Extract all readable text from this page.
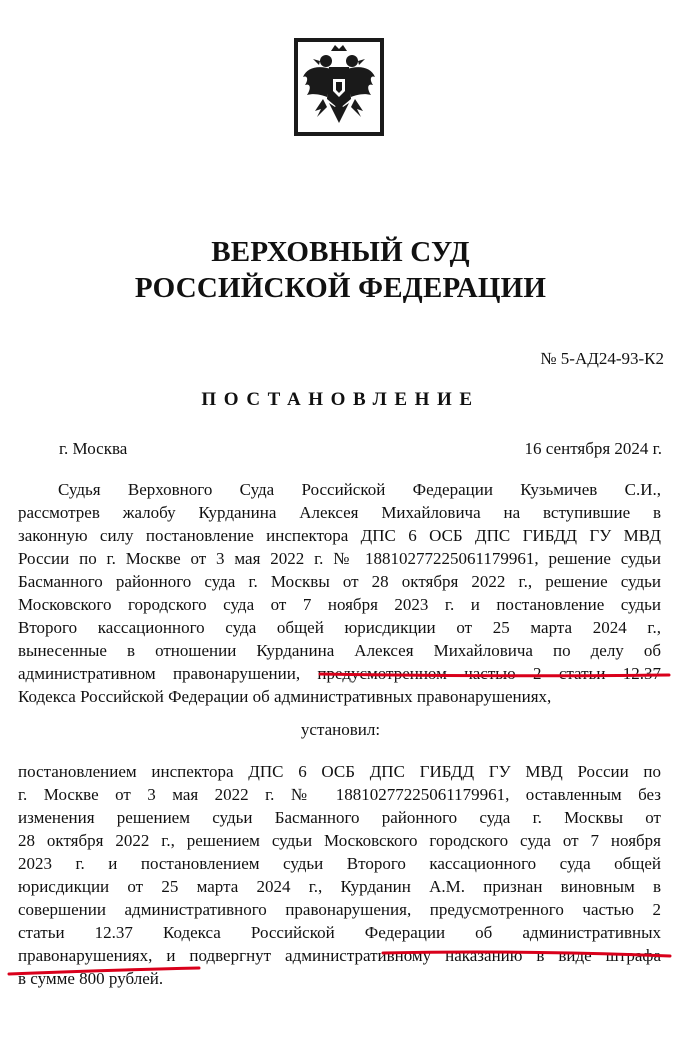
ВЕРХОВНЫЙ СУД
РОССИЙСКОЙ ФЕДЕРАЦИИ
№ 5-АД24-93-К2
ПОСТАНОВЛЕНИЕ
г. Москва	16 сентября 2024 г.
Судья Верховного Суда Российской Федерации Кузьмичев С.И.,
рассмотрев жалобу Курданина Алексея Михайловича на вступившие в
законную силу постановление инспектора ДПС 6 ОСБ ДПС ГИБДД ГУ МВД
России по г. Москве от 3 мая 2022 г. № 18810277225061179961, решение судьи
Басманного районного суда г. Москвы от 28 октября 2022 г., решение судьи
Московского городского суда от 7 ноября 2023 г. и постановление судьи
Второго кассационного суда общей юрисдикции от 25 марта 2024 г.,
вынесенные в отношении Курданина Алексея Михайловича по делу об
административном правонарушении, предусмотренном частью 2 статьи 12.37
Кодекса Российской Федерации об административных правонарушениях,
установил:
постановлением инспектора ДПС 6 ОСБ ДПС ГИБДД ГУ МВД России по
г. Москве от 3 мая 2022 г. № 18810277225061179961, оставленным без
изменения решением судьи Басманного районного суда г. Москвы от
28 октября 2022 г., решением судьи Московского городского суда от 7 ноября
2023 г. и постановлением судьи Второго кассационного суда общей
юрисдикции от 25 марта 2024 г., Курданин А.М. признан виновным в
совершении административного правонарушения, предусмотренного частью 2
статьи 12.37 Кодекса Российской Федерации об административных
правонарушениях, и подвергнут административному наказанию в виде штрафа
в сумме 800 рублей.
